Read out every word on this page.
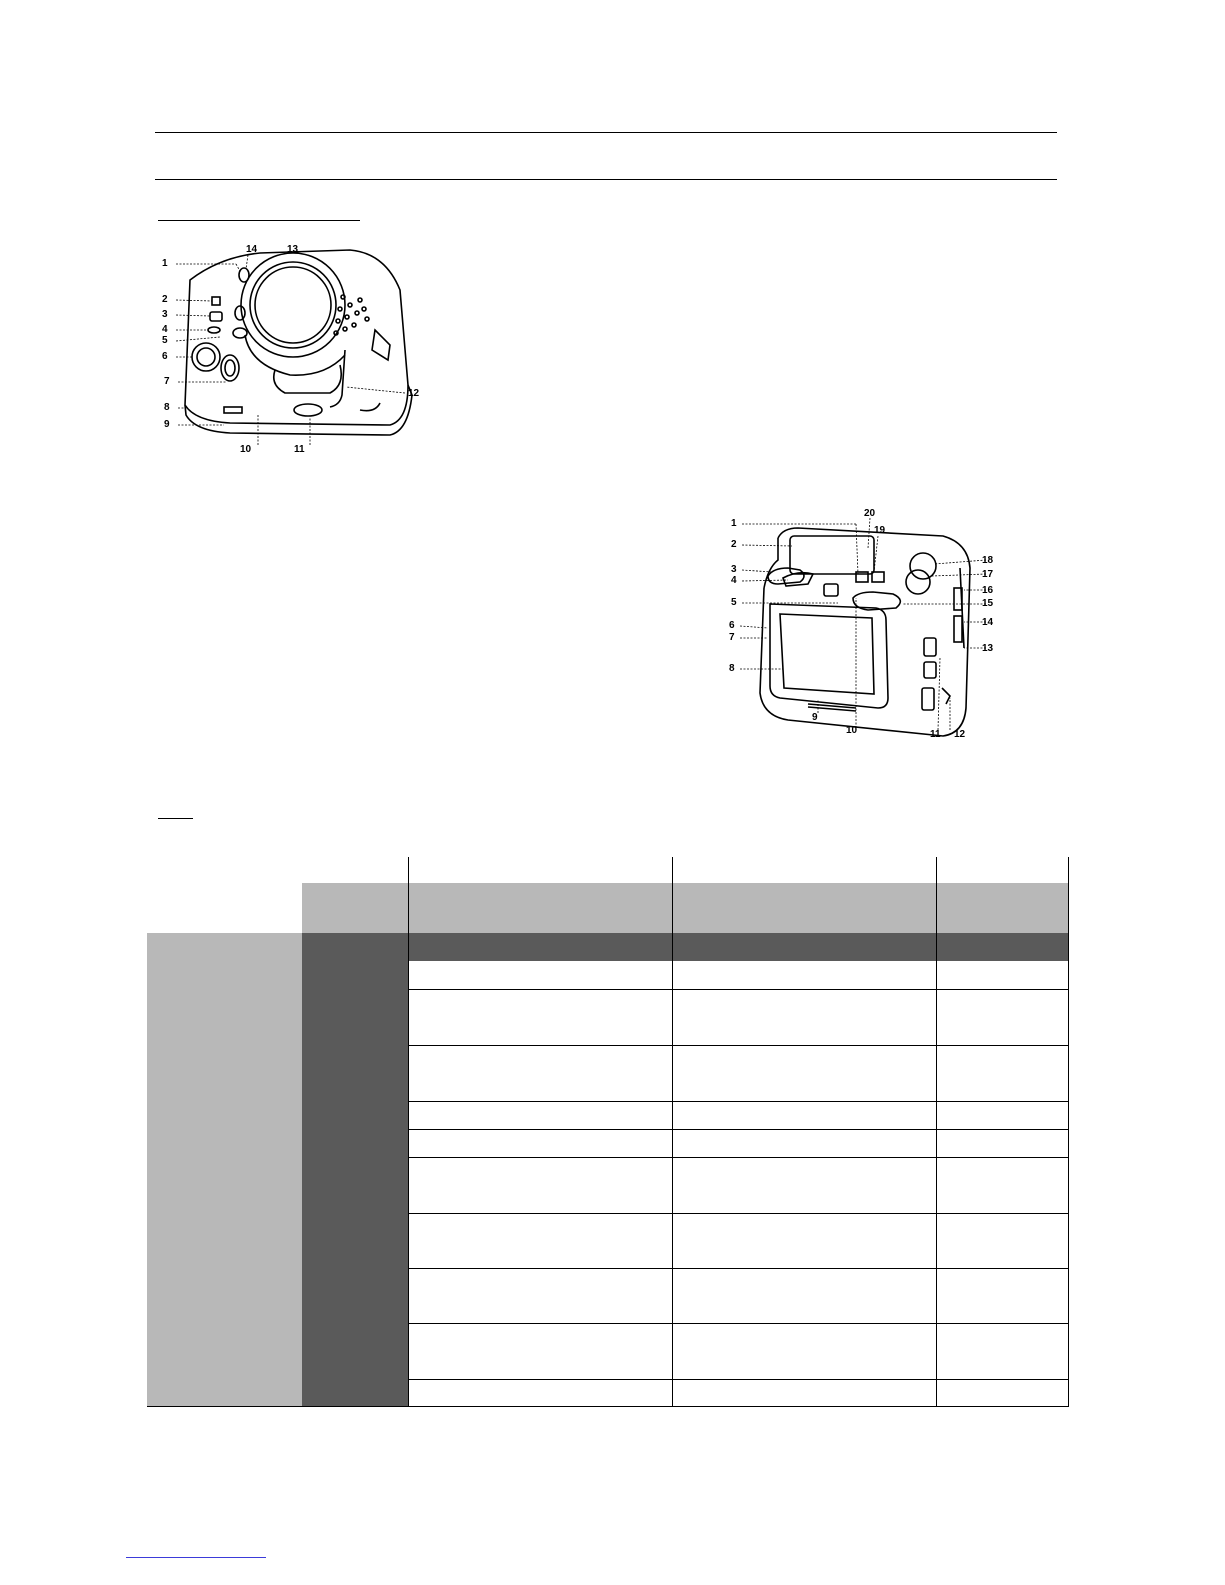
1
2
3
4
5
6
7
8
9
10	11
12
13
14
1
2
3
4
5
6
7
8
9
10	11 12
13
14
15
16
17
18
19
20
